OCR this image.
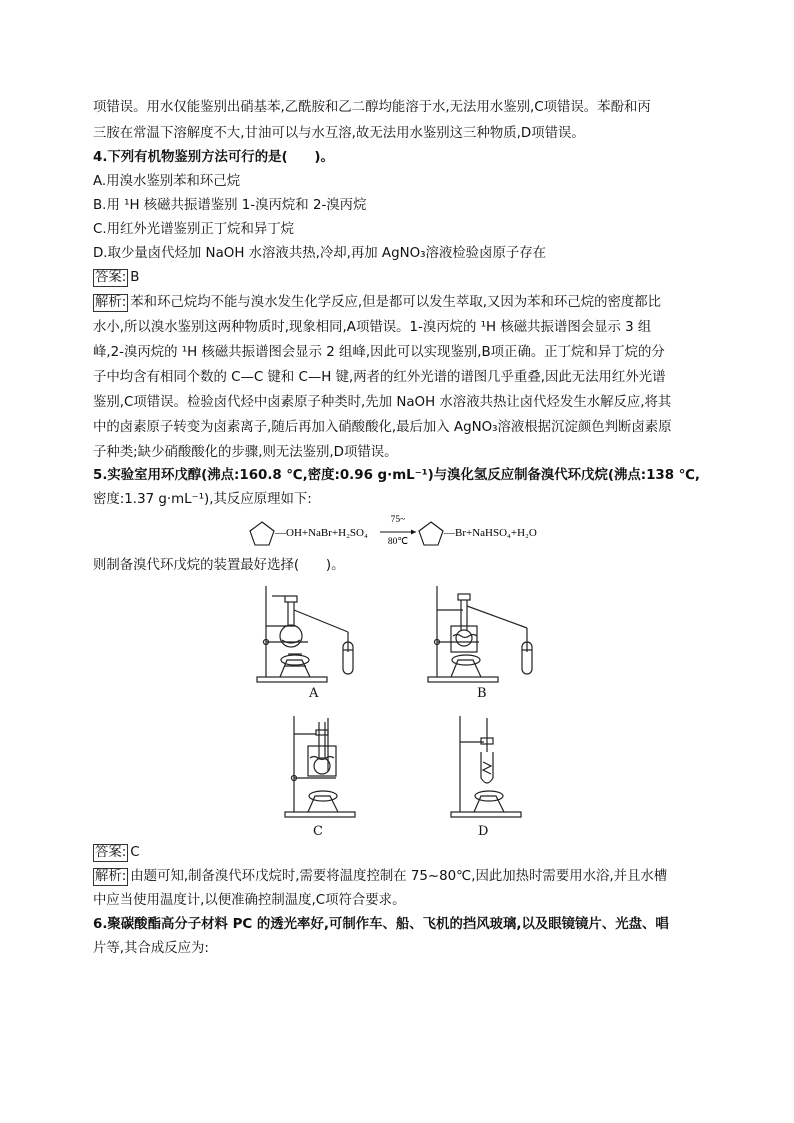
项错误。用水仅能鉴别出硝基苯,乙酰胺和乙二醇均能溶于水,无法用水鉴别,C项错误。苯酚和丙
三胺在常温下溶解度不大,甘油可以与水互溶,故无法用水鉴别这三种物质,D项错误。
4.下列有机物鉴别方法可行的是(　　)。
A.用溴水鉴别苯和环己烷
B.用 ¹H 核磁共振谱鉴别 1-溴丙烷和 2-溴丙烷
C.用红外光谱鉴别正丁烷和异丁烷
D.取少量卤代烃加 NaOH 水溶液共热,冷却,再加 AgNO₃溶液检验卤原子存在
答案: B
解析: 苯和环己烷均不能与溴水发生化学反应,但是都可以发生萃取,又因为苯和环己烷的密度都比
水小,所以溴水鉴别这两种物质时,现象相同,A项错误。1-溴丙烷的 ¹H 核磁共振谱图会显示 3 组
峰,2-溴丙烷的 ¹H 核磁共振谱图会显示 2 组峰,因此可以实现鉴别,B项正确。正丁烷和异丁烷的分
子中均含有相同个数的 C—C 键和 C—H 键,两者的红外光谱的谱图几乎重叠,因此无法用红外光谱
鉴别,C项错误。检验卤代烃中卤素原子种类时,先加 NaOH 水溶液共热让卤代烃发生水解反应,将其
中的卤素原子转变为卤素离子,随后再加入硝酸酸化,最后加入 AgNO₃溶液根据沉淀颜色判断卤素原
子种类;缺少硝酸酸化的步骤,则无法鉴别,D项错误。
5.实验室用环戊醇(沸点:160.8 ℃,密度:0.96 g·mL⁻¹)与溴化氢反应制备溴代环戊烷(沸点:138 ℃,
密度:1.37 g·mL⁻¹),其反应原理如下:
—OH+NaBr+H₂SO₄
75~
80℃
—Br+NaHSO₄+H₂O
则制备溴代环戊烷的装置最好选择(　　)。
A	B
C	D
答案: C
解析: 由题可知,制备溴代环戊烷时,需要将温度控制在 75~80℃,因此加热时需要用水浴,并且水槽
中应当使用温度计,以便准确控制温度,C项符合要求。
6.聚碳酸酯高分子材料 PC 的透光率好,可制作车、船、飞机的挡风玻璃,以及眼镜镜片、光盘、唱
片等,其合成反应为:
